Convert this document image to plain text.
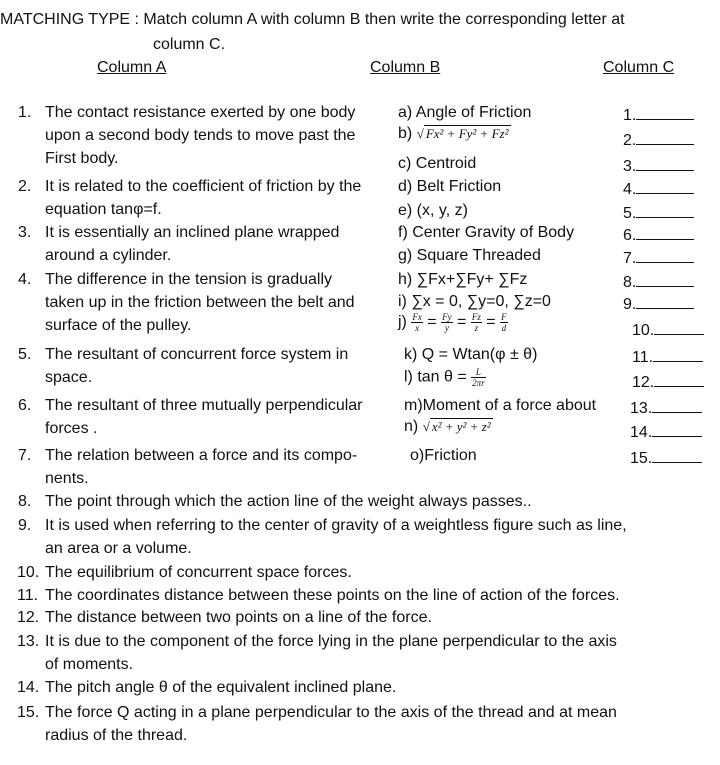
MATCHING TYPE : Match column A with column B then write the corresponding letter at
column C.
Column A	Column B	Column C
1. The contact resistance exerted by one body
upon a second body tends to move past the
First body.
2. It is related to the coefficient of friction by the
equation tanφ=f.
3. It is essentially an inclined plane wrapped
around a cylinder.
4. The difference in the tension is gradually
taken up in the friction between the belt and
surface of the pulley.
5. The resultant of concurrent force system in
space.
6. The resultant of three mutually perpendicular
forces .
7. The relation between a force and its compo-
nents.
8. The point through which the action line of the weight always passes..
9. It is used when referring to the center of gravity of a weightless figure such as line,
an area or a volume.
10. The equilibrium of concurrent space forces.
11. The coordinates distance between these points on the line of action of the forces.
12. The distance between two points on a line of the force.
13. It is due to the component of the force lying in the plane perpendicular to the axis
of moments.
14. The pitch angle θ of the equivalent inclined plane.
15. The force Q acting in a plane perpendicular to the axis of the thread and at mean
radius of the thread.
a) Angle of Friction
b) √ Fx² + Fy² + Fz²
c) Centroid
d) Belt Friction
e) (x, y, z)
f) Center Gravity of Body
g) Square Threaded
h) ∑Fx+∑Fy+ ∑Fz
i) ∑x = 0, ∑y=0, ∑z=0
$j) \frac{Fx}{x} = \frac{Fy}{y} = \frac{Fz}{z} = \frac{F}{d}$
k) Q = Wtan(φ ± θ)
l) $\tan \theta = \frac{L}{2\pi r}$
m)Moment of a force about
n) √ x² + y² + z²
o)Friction
1.
2.
3.
4.
5.
6.
7.
8.
9.
10.
11.
12.
13.
14.
15.
